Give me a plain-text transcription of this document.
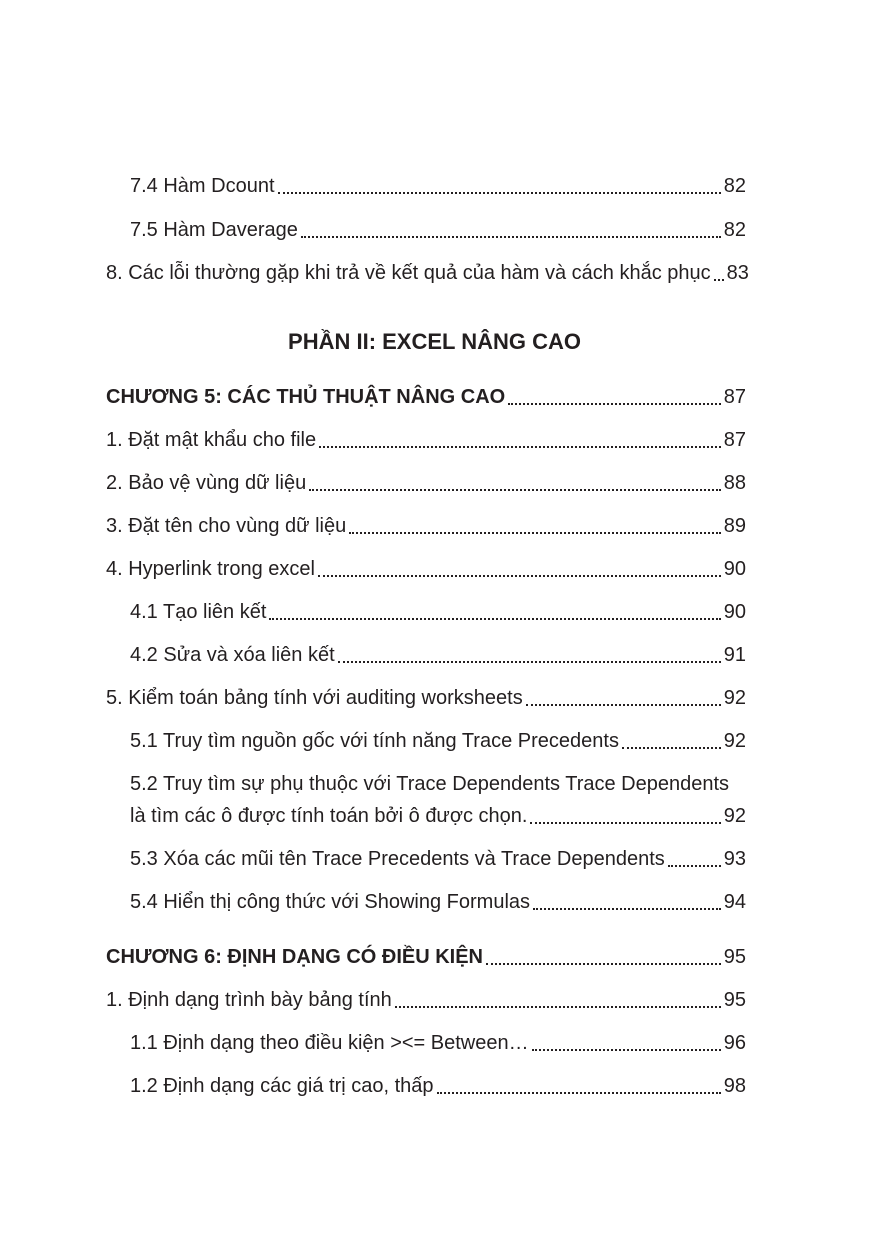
7.4 Hàm Dcount	82
7.5 Hàm Daverage	82
8. Các lỗi thường gặp khi trả về kết quả của hàm và cách khắc phục 83
PHẦN II: EXCEL NÂNG CAO
CHƯƠNG 5: CÁC THỦ THUẬT NÂNG CAO	87
1. Đặt mật khẩu cho file	87
2. Bảo vệ vùng dữ liệu	88
3. Đặt tên cho vùng dữ liệu	89
4. Hyperlink trong excel	90
4.1 Tạo liên kết	90
4.2 Sửa và xóa liên kết	91
5. Kiểm toán bảng tính với auditing worksheets	92
5.1 Truy tìm nguồn gốc với tính năng Trace Precedents	92
5.2 Truy tìm sự phụ thuộc với Trace Dependents Trace Dependents
là tìm các ô được tính toán bởi ô được chọn.	92
5.3 Xóa các mũi tên Trace Precedents và Trace Dependents	93
5.4 Hiển thị công thức với Showing Formulas	94
CHƯƠNG 6: ĐỊNH DẠNG CÓ ĐIỀU KIỆN	95
1. Định dạng trình bày bảng tính	95
1.1 Định dạng theo điều kiện ><= Between…	96
1.2 Định dạng các giá trị cao, thấp	98
